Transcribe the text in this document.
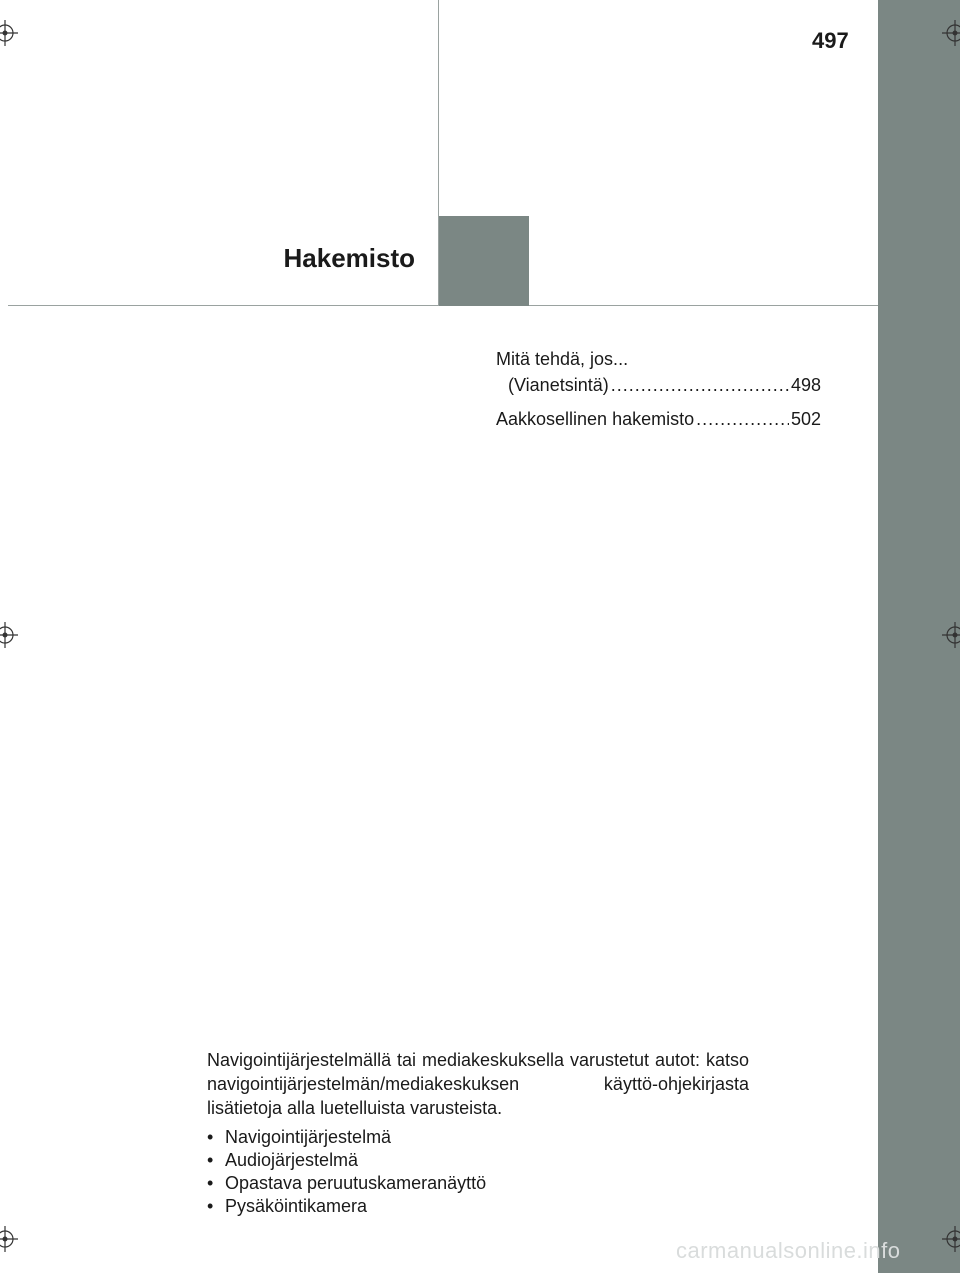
497
Hakemisto
Mitä tehdä, jos...
(Vianetsintä) .....	498
Aakkosellinen hakemisto .....	502

Navigointijärjestelmällä tai mediakeskuksella varustetut autot: katso navigointijärjestelmän/mediakeskuksen käyttö-ohjekirjasta lisätietoja alla luetelluista varusteista.

• Navigointijärjestelmä
• Audiojärjestelmä
• Opastava peruutuskameranäyttö
• Pysäköintikamera
carmanualsonline.info
